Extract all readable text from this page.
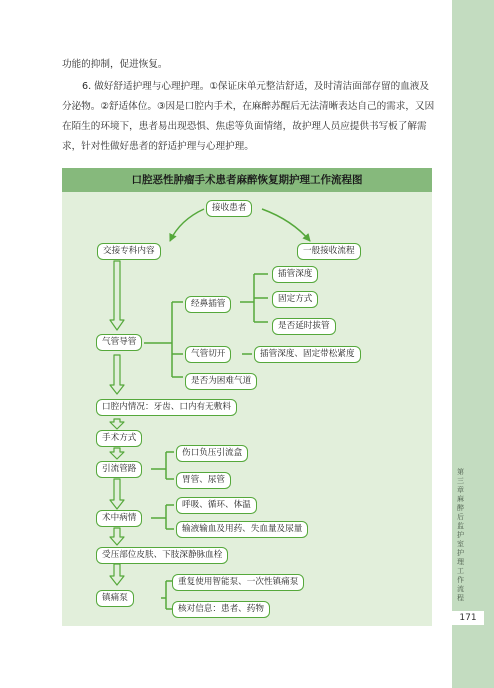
功能的抑制，促进恢复。

6. 做好舒适护理与心理护理。①保证床单元整洁舒适，及时清洁面部存留的血液及分泌物。②舒适体位。③因是口腔内手术，在麻醉苏醒后无法清晰表达自己的需求，又因在陌生的环境下，患者易出现恐惧、焦虑等负面情绪，故护理人员应提供书写板了解需求，针对性做好患者的舒适护理与心理护理。

第三章 麻醉后监护室护理工作流程
171
口腔恶性肿瘤手术患者麻醉恢复期护理工作流程图
接收患者
交接专科内容	一般接收流程
插管深度
经鼻插管	固定方式
是否延时拔管
气管导管
气管切开	插管深度、固定带松紧度
是否为困难气道
口腔内情况：牙齿、口内有无敷料
手术方式
伤口负压引流盒
引流管路
胃管、尿管
呼吸、循环、体温
术中病情
输液输血及用药、失血量及尿量
受压部位皮肤、下肢深静脉血栓
重复使用智能泵、一次性镇痛泵
镇痛泵
核对信息：患者、药物
